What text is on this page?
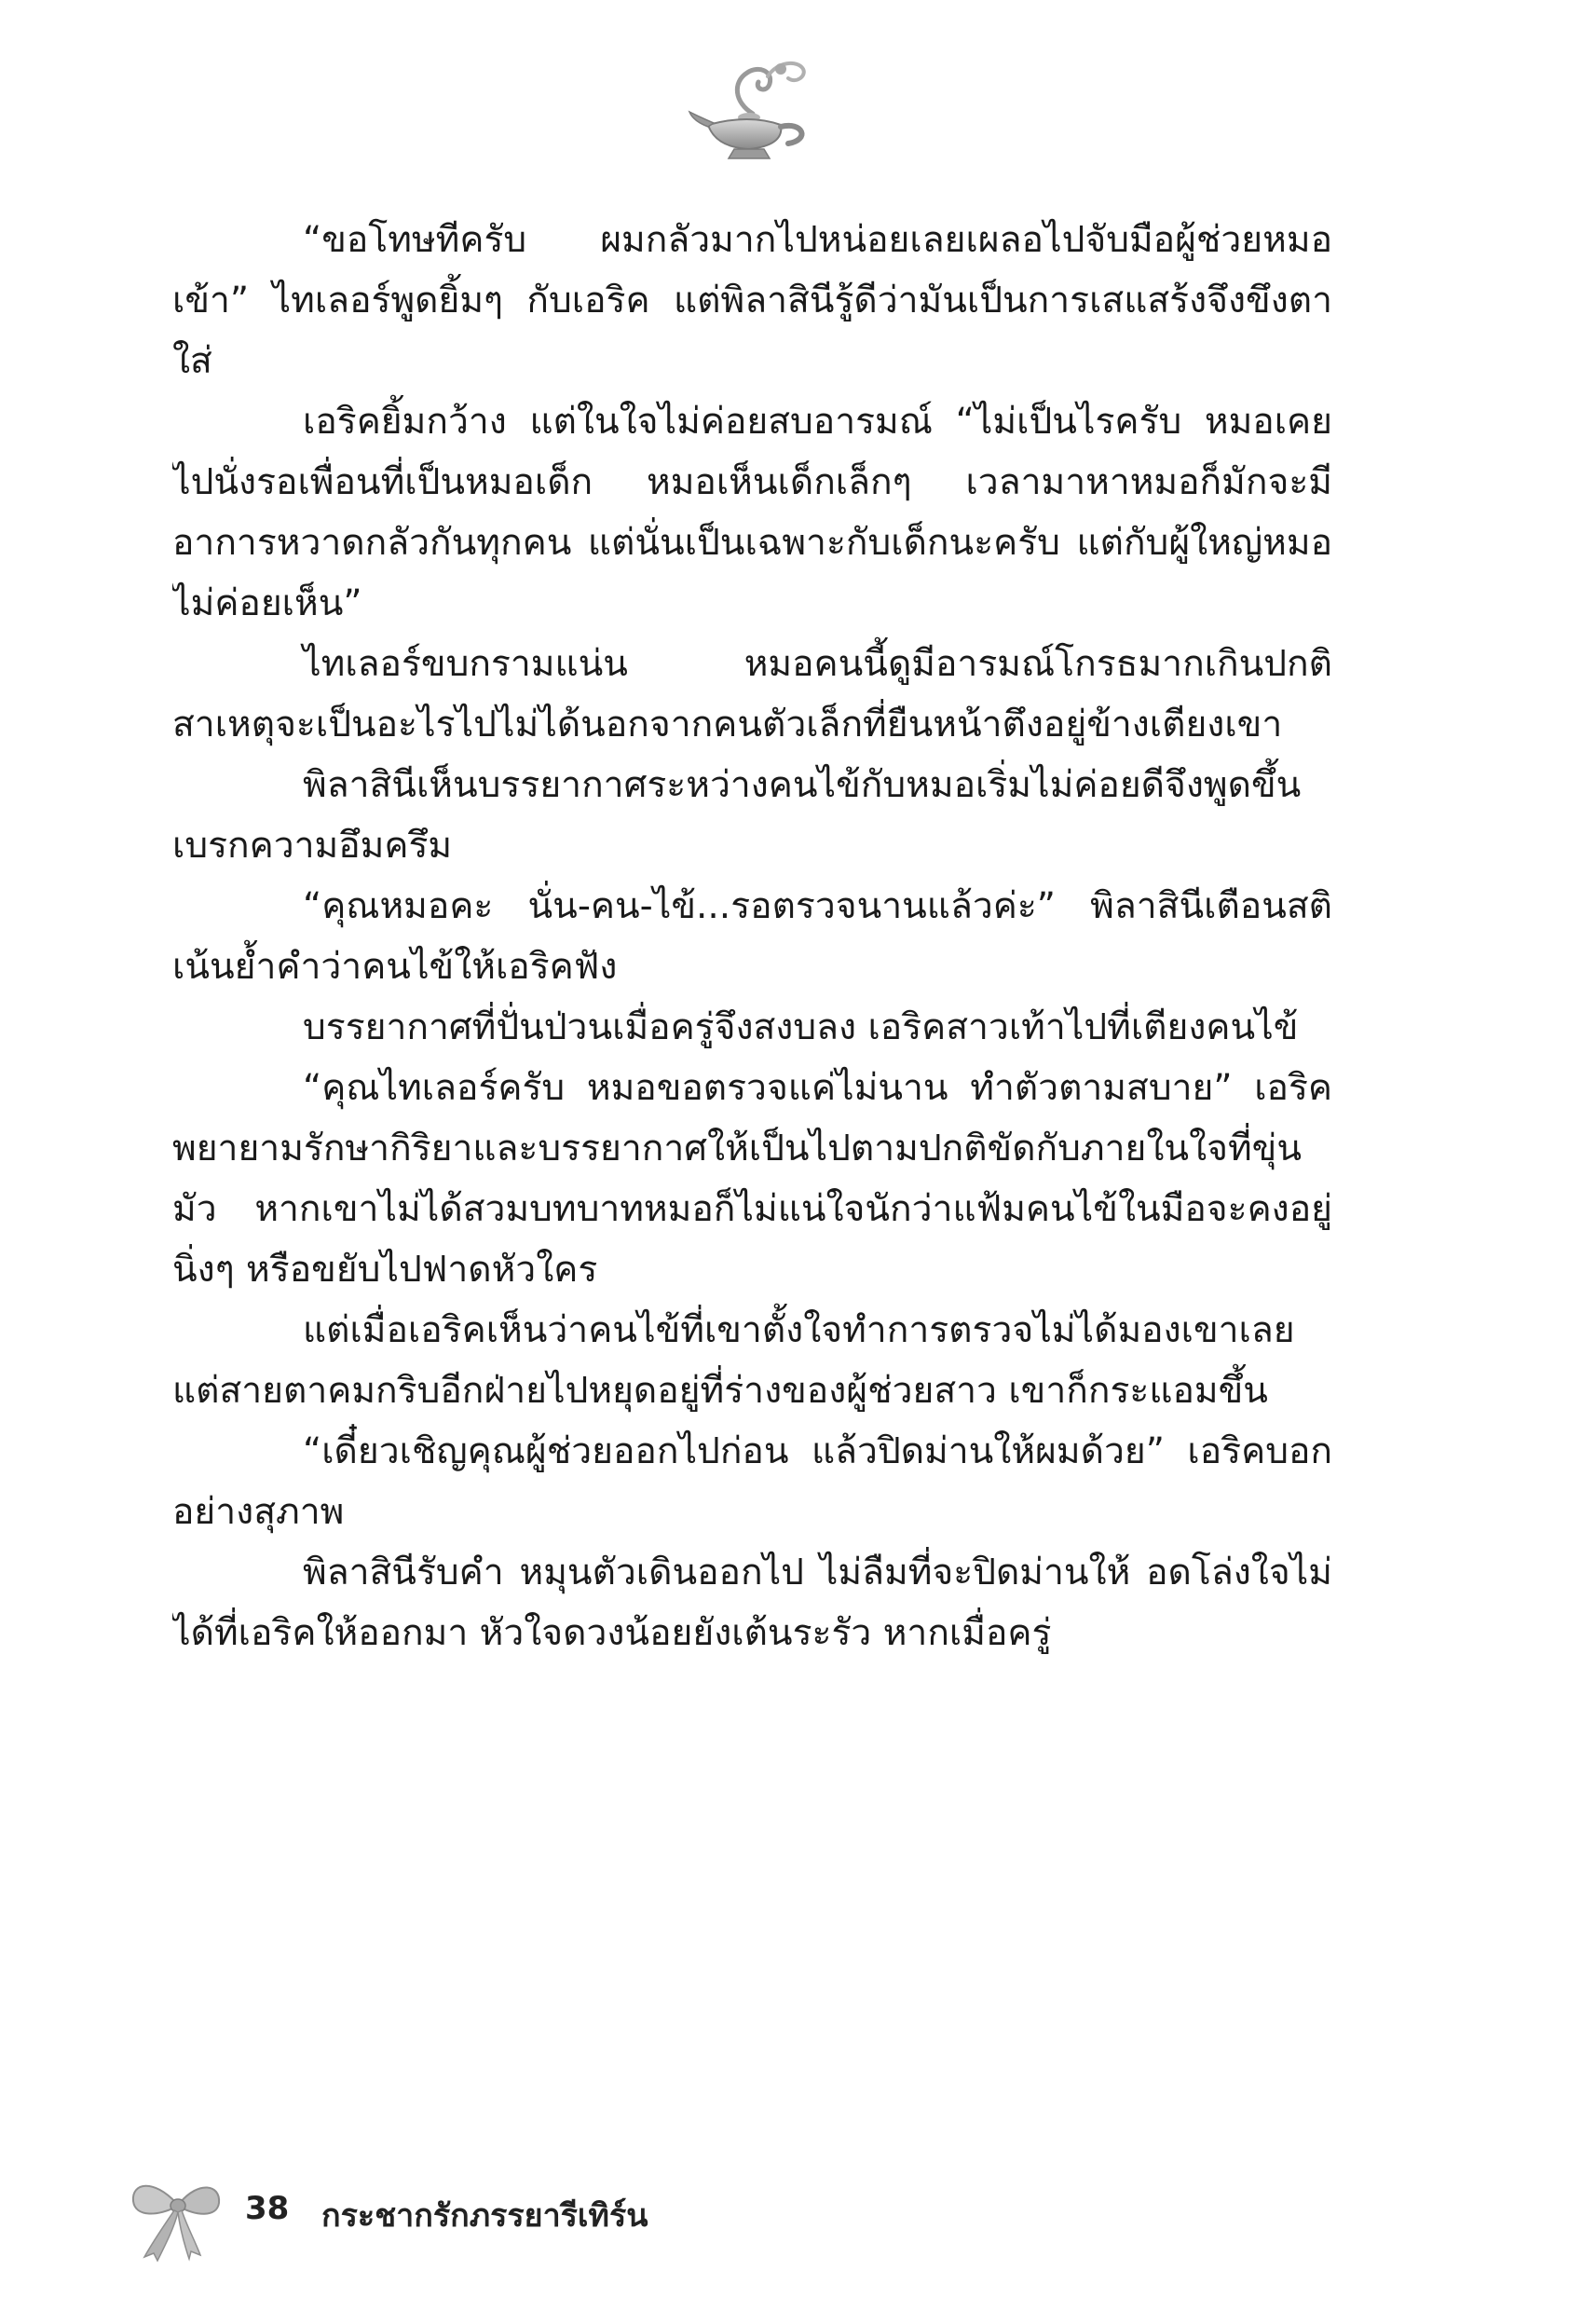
“ขอโทษทีครับ ผมกลัวมากไปหน่อยเลยเผลอไปจับมือผู้ช่วยหมอเข้า” ไทเลอร์พูดยิ้มๆ กับเอริค แต่พิลาสินีรู้ดีว่ามันเป็นการเสแสร้งจึงขึงตาใส่

เอริคยิ้มกว้าง แต่ในใจไม่ค่อยสบอารมณ์ “ไม่เป็นไรครับ หมอเคยไปนั่งรอเพื่อนที่เป็นหมอเด็ก หมอเห็นเด็กเล็กๆ เวลามาหาหมอก็มักจะมีอาการหวาดกลัวกันทุกคน แต่นั่นเป็นเฉพาะกับเด็กนะครับ แต่กับผู้ใหญ่หมอไม่ค่อยเห็น”

ไทเลอร์ขบกรามแน่น หมอคนนี้ดูมีอารมณ์โกรธมากเกินปกติ สาเหตุจะเป็นอะไรไปไม่ได้นอกจากคนตัวเล็กที่ยืนหน้าตึงอยู่ข้างเตียงเขา

พิลาสินีเห็นบรรยากาศระหว่างคนไข้กับหมอเริ่มไม่ค่อยดีจึงพูดขึ้นเบรกความอึมครึม

“คุณหมอคะ นั่น-คน-ไข้...รอตรวจนานแล้วค่ะ” พิลาสินีเตือนสติ เน้นย้ำคำว่าคนไข้ให้เอริคฟัง

บรรยากาศที่ปั่นป่วนเมื่อครู่จึงสงบลง เอริคสาวเท้าไปที่เตียงคนไข้

“คุณไทเลอร์ครับ หมอขอตรวจแค่ไม่นาน ทำตัวตามสบาย” เอริคพยายามรักษากิริยาและบรรยากาศให้เป็นไปตามปกติขัดกับภายในใจที่ขุ่นมัว หากเขาไม่ได้สวมบทบาทหมอก็ไม่แน่ใจนักว่าแฟ้มคนไข้ในมือจะคงอยู่นิ่งๆ หรือขยับไปฟาดหัวใคร

แต่เมื่อเอริคเห็นว่าคนไข้ที่เขาตั้งใจทำการตรวจไม่ได้มองเขาเลย แต่สายตาคมกริบอีกฝ่ายไปหยุดอยู่ที่ร่างของผู้ช่วยสาว เขาก็กระแอมขึ้น

“เดี๋ยวเชิญคุณผู้ช่วยออกไปก่อน แล้วปิดม่านให้ผมด้วย” เอริคบอกอย่างสุภาพ

พิลาสินีรับคำ หมุนตัวเดินออกไป ไม่ลืมที่จะปิดม่านให้ อดโล่งใจไม่ได้ที่เอริคให้ออกมา หัวใจดวงน้อยยังเต้นระรัว หากเมื่อครู่

38 กระชากรักภรรยารีเทิร์น
